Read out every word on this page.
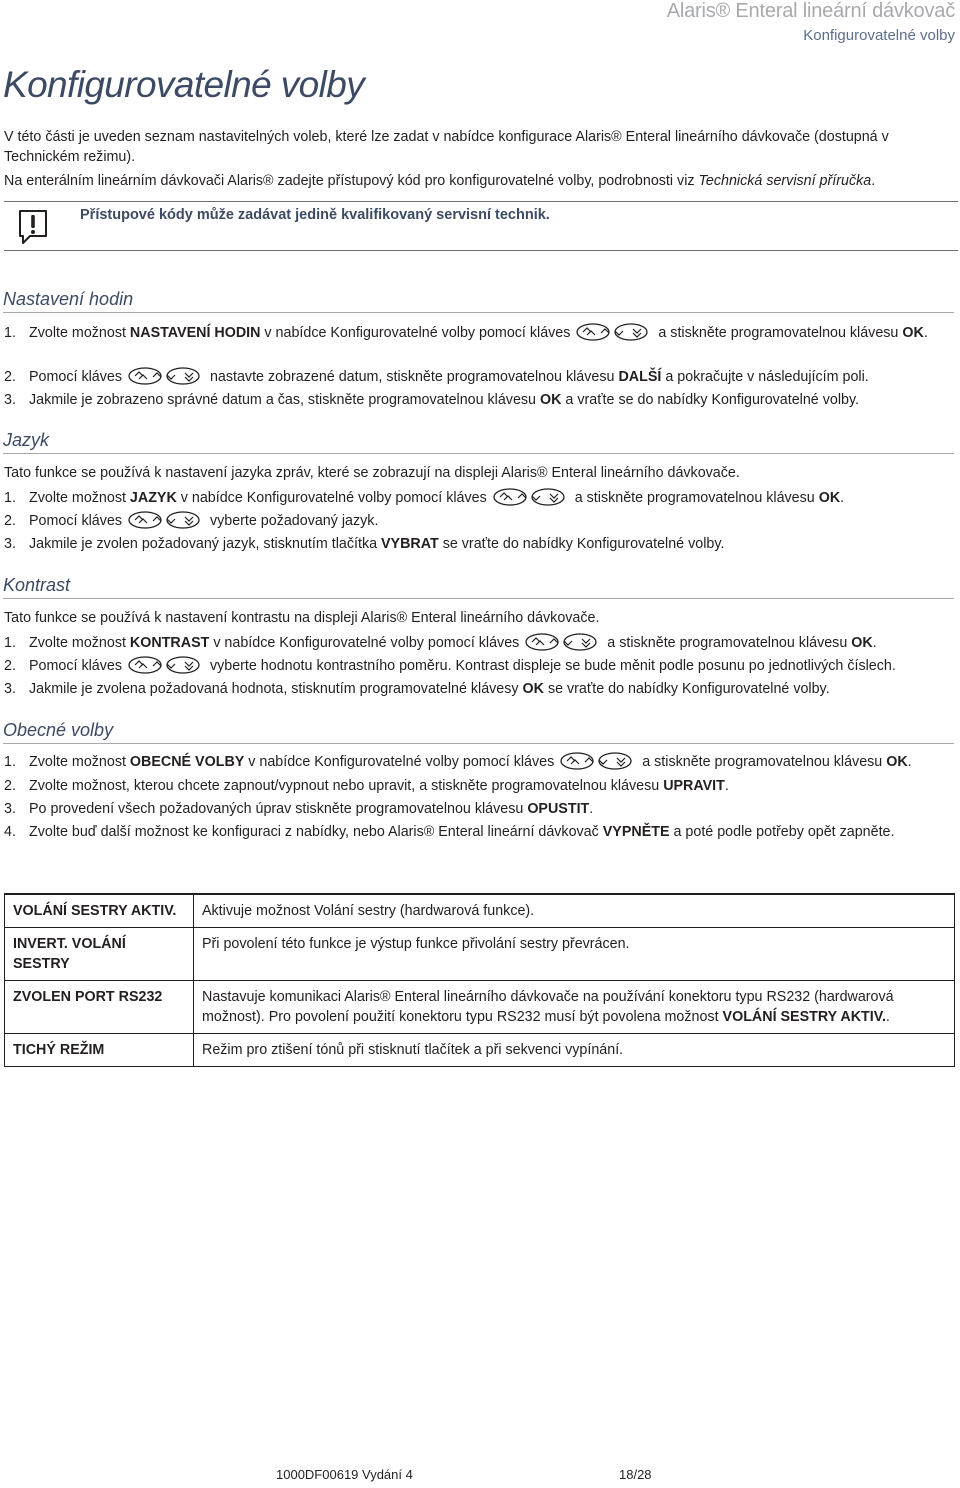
Alaris® Enteral lineární dávkovač
Konfigurovatelné volby
Konfigurovatelné volby
V této části je uveden seznam nastavitelných voleb, které lze zadat v nabídce konfigurace Alaris® Enteral lineárního dávkovače (dostupná v Technickém režimu).
Na enterálním lineárním dávkovači Alaris® zadejte přístupový kód pro konfigurovatelné volby, podrobnosti viz Technická servisní příručka.
Přístupové kódy může zadávat jedině kvalifikovaný servisní technik.
Nastavení hodin
1. Zvolte možnost NASTAVENÍ HODIN v nabídce Konfigurovatelné volby pomocí kláves	a stiskněte programovatelnou klávesu OK.
2. Pomocí kláves	nastavte zobrazené datum, stiskněte programovatelnou klávesu DALŠÍ a pokračujte v následujícím poli.
3. Jakmile je zobrazeno správné datum a čas, stiskněte programovatelnou klávesu OK a vraťte se do nabídky Konfigurovatelné volby.
Jazyk
Tato funkce se používá k nastavení jazyka zpráv, které se zobrazují na displeji Alaris® Enteral lineárního dávkovače.
1. Zvolte možnost JAZYK v nabídce Konfigurovatelné volby pomocí kláves	a stiskněte programovatelnou klávesu OK.
2. Pomocí kláves	vyberte požadovaný jazyk.
3. Jakmile je zvolen požadovaný jazyk, stisknutím tlačítka VYBRAT se vraťte do nabídky Konfigurovatelné volby.
Kontrast
Tato funkce se používá k nastavení kontrastu na displeji Alaris® Enteral lineárního dávkovače.
1. Zvolte možnost KONTRAST v nabídce Konfigurovatelné volby pomocí kláves	a stiskněte programovatelnou klávesu OK.
2. Pomocí kláves	vyberte hodnotu kontrastního poměru. Kontrast displeje se bude měnit podle posunu po jednotlivých číslech.
3. Jakmile je zvolena požadovaná hodnota, stisknutím programovatelné klávesy OK se vraťte do nabídky Konfigurovatelné volby.
Obecné volby
1. Zvolte možnost OBECNÉ VOLBY v nabídce Konfigurovatelné volby pomocí kláves	a stiskněte programovatelnou klávesu OK.
2. Zvolte možnost, kterou chcete zapnout/vypnout nebo upravit, a stiskněte programovatelnou klávesu UPRAVIT.
3. Po provedení všech požadovaných úprav stiskněte programovatelnou klávesu OPUSTIT.
4. Zvolte buď další možnost ke konfiguraci z nabídky, nebo Alaris® Enteral lineární dávkovač VYPNĚTE a poté podle potřeby opět zapněte.
VOLÁNÍ SESTRY AKTIV.	Aktivuje možnost Volání sestry (hardwarová funkce).
INVERT. VOLÁNÍ SESTRY	Při povolení této funkce je výstup funkce přivolání sestry převrácen.
ZVOLEN PORT RS232	Nastavuje komunikaci Alaris® Enteral lineárního dávkovače na používání konektoru typu RS232 (hardwarová možnost). Pro povolení použití konektoru typu RS232 musí být povolena možnost VOLÁNÍ SESTRY AKTIV..
TICHÝ REŽIM	Režim pro ztišení tónů při stisknutí tlačítek a při sekvenci vypínání.
1000DF00619 Vydání 4	18/28
